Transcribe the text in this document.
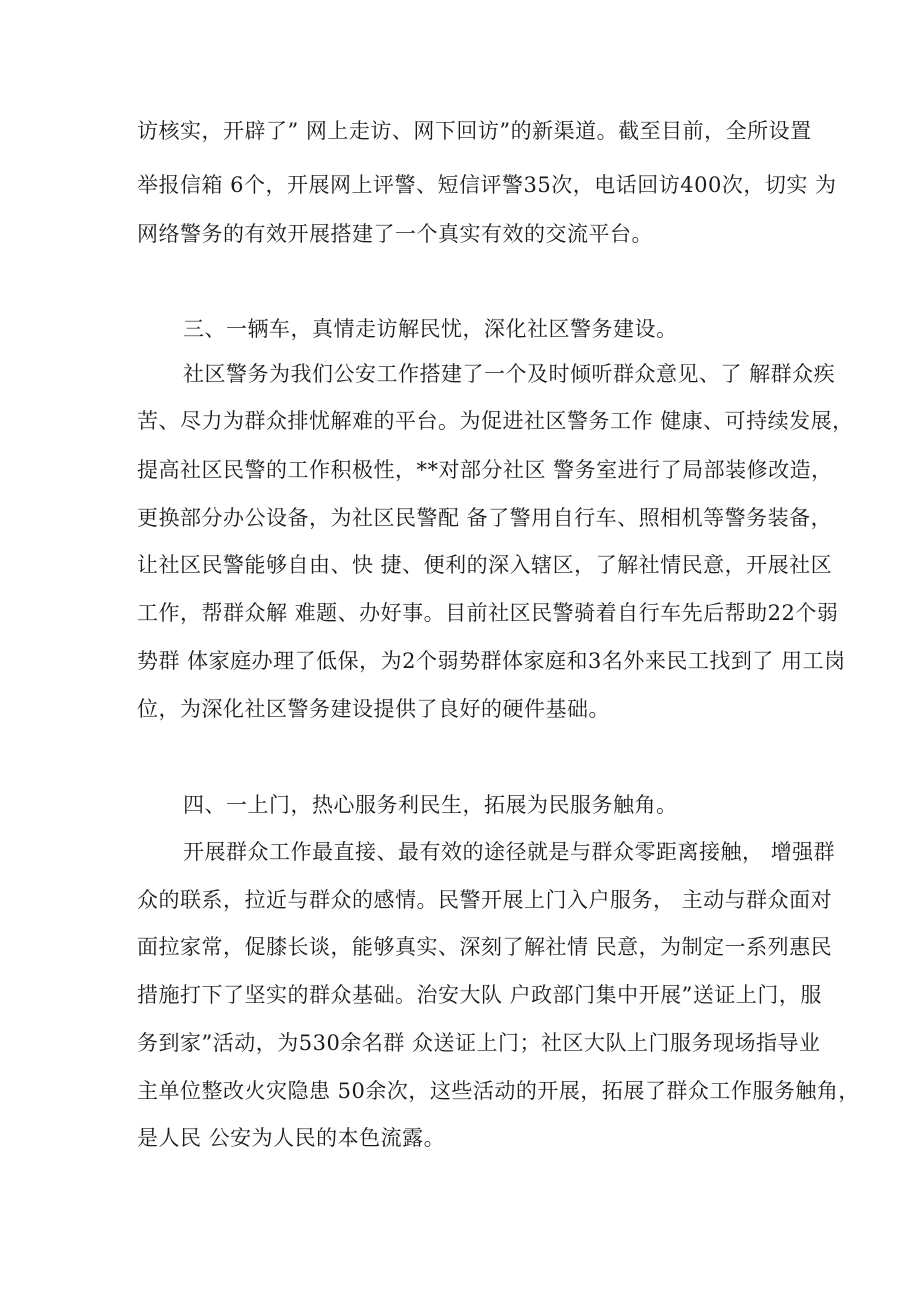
访核实，开辟了” 网上走访、网下回访”的新渠道。截至目前，全所设置
举报信箱 6个，开展网上评警、短信评警35次，电话回访400次，切实 为
网络警务的有效开展搭建了一个真实有效的交流平台。
三、一辆车，真情走访解民忧，深化社区警务建设。
社区警务为我们公安工作搭建了一个及时倾听群众意见、了 解群众疾
苦、尽力为群众排忧解难的平台。为促进社区警务工作 健康、可持续发展，
提高社区民警的工作积极性，**对部分社区 警务室进行了局部装修改造，
更换部分办公设备，为社区民警配 备了警用自行车、照相机等警务装备，
让社区民警能够自由、快 捷、便利的深入辖区，了解社情民意，开展社区
工作，帮群众解 难题、办好事。目前社区民警骑着自行车先后帮助22个弱
势群 体家庭办理了低保，为2个弱势群体家庭和3名外来民工找到了 用工岗
位，为深化社区警务建设提供了良好的硬件基础。
四、一上门，热心服务利民生，拓展为民服务触角。
开展群众工作最直接、最有效的途径就是与群众零距离接触， 增强群
众的联系，拉近与群众的感情。民警开展上门入户服务， 主动与群众面对
面拉家常，促膝长谈，能够真实、深刻了解社情 民意，为制定一系列惠民
措施打下了坚实的群众基础。治安大队 户政部门集中开展”送证上门，服
务到家”活动，为530余名群 众送证上门；社区大队上门服务现场指导业
主单位整改火灾隐患 50余次，这些活动的开展，拓展了群众工作服务触角，
是人民 公安为人民的本色流露。
